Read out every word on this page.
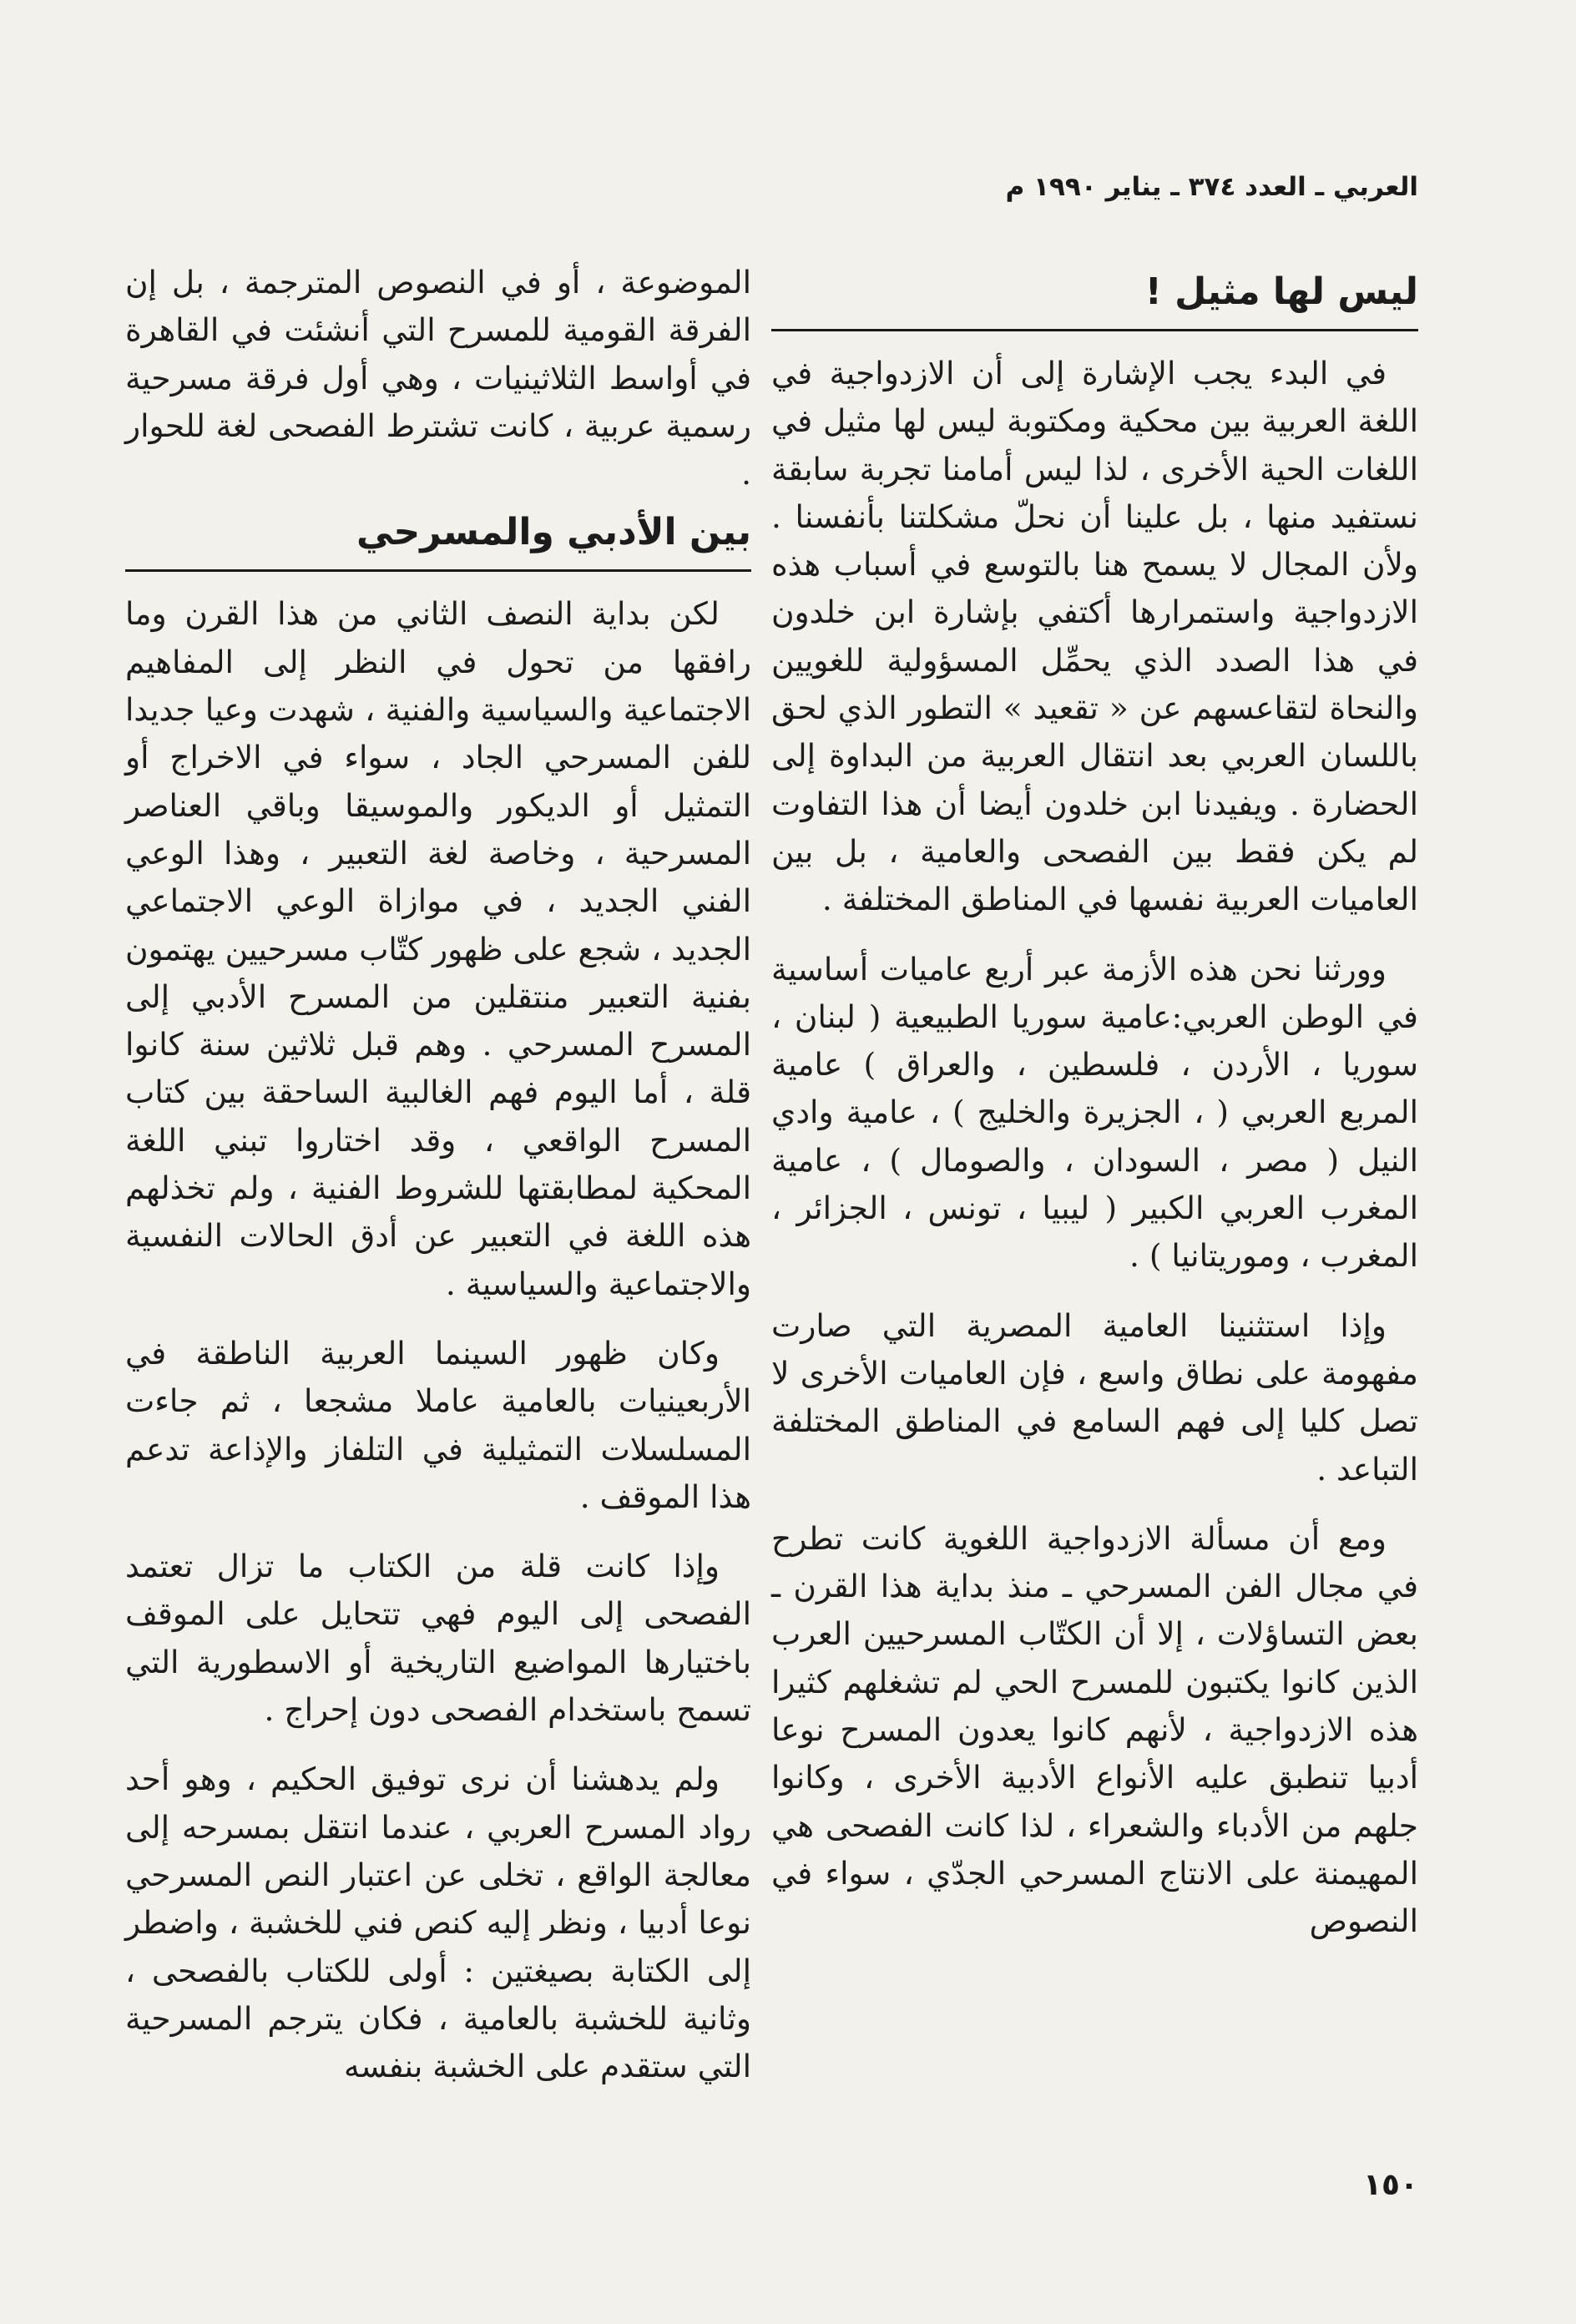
العربي ـ العدد ٣٧٤ ـ يناير ١٩٩٠ م
ليس لها مثيل !

في البدء يجب الإشارة إلى أن الازدواجية في اللغة العربية بين محكية ومكتوبة ليس لها مثيل في اللغات الحية الأخرى ، لذا ليس أمامنا تجربة سابقة نستفيد منها ، بل علينا أن نحلّ مشكلتنا بأنفسنا . ولأن المجال لا يسمح هنا بالتوسع في أسباب هذه الازدواجية واستمرارها أكتفي بإشارة ابن خلدون في هذا الصدد الذي يحمِّل المسؤولية للغويين والنحاة لتقاعسهم عن « تقعيد » التطور الذي لحق باللسان العربي بعد انتقال العربية من البداوة إلى الحضارة . ويفيدنا ابن خلدون أيضا أن هذا التفاوت لم يكن فقط بين الفصحى والعامية ، بل بين العاميات العربية نفسها في المناطق المختلفة .

وورثنا نحن هذه الأزمة عبر أربع عاميات أساسية في الوطن العربي:عامية سوريا الطبيعية ( لبنان ، سوريا ، الأردن ، فلسطين ، والعراق ) عامية المربع العربي ( ، الجزيرة والخليج ) ، عامية وادي النيل ( مصر ، السودان ، والصومال ) ، عامية المغرب العربي الكبير ( ليبيا ، تونس ، الجزائر ، المغرب ، وموريتانيا ) .

وإذا استثنينا العامية المصرية التي صارت مفهومة على نطاق واسع ، فإن العاميات الأخرى لا تصل كليا إلى فهم السامع في المناطق المختلفة التباعد .

ومع أن مسألة الازدواجية اللغوية كانت تطرح في مجال الفن المسرحي ـ منذ بداية هذا القرن ـ بعض التساؤلات ، إلا أن الكتّاب المسرحيين العرب الذين كانوا يكتبون للمسرح الحي لم تشغلهم كثيرا هذه الازدواجية ، لأنهم كانوا يعدون المسرح نوعا أدبيا تنطبق عليه الأنواع الأدبية الأخرى ، وكانوا جلهم من الأدباء والشعراء ، لذا كانت الفصحى هي المهيمنة على الانتاج المسرحي الجدّي ، سواء في النصوص

الموضوعة ، أو في النصوص المترجمة ، بل إن الفرقة القومية للمسرح التي أنشئت في القاهرة في أواسط الثلاثينيات ، وهي أول فرقة مسرحية رسمية عربية ، كانت تشترط الفصحى لغة للحوار .

بين الأدبي والمسرحي

لكن بداية النصف الثاني من هذا القرن وما رافقها من تحول في النظر إلى المفاهيم الاجتماعية والسياسية والفنية ، شهدت وعيا جديدا للفن المسرحي الجاد ، سواء في الاخراج أو التمثيل أو الديكور والموسيقا وباقي العناصر المسرحية ، وخاصة لغة التعبير ، وهذا الوعي الفني الجديد ، في موازاة الوعي الاجتماعي الجديد ، شجع على ظهور كتّاب مسرحيين يهتمون بفنية التعبير منتقلين من المسرح الأدبي إلى المسرح المسرحي . وهم قبل ثلاثين سنة كانوا قلة ، أما اليوم فهم الغالبية الساحقة بين كتاب المسرح الواقعي ، وقد اختاروا تبني اللغة المحكية لمطابقتها للشروط الفنية ، ولم تخذلهم هذه اللغة في التعبير عن أدق الحالات النفسية والاجتماعية والسياسية .

وكان ظهور السينما العربية الناطقة في الأربعينيات بالعامية عاملا مشجعا ، ثم جاءت المسلسلات التمثيلية في التلفاز والإذاعة تدعم هذا الموقف .

وإذا كانت قلة من الكتاب ما تزال تعتمد الفصحى إلى اليوم فهي تتحايل على الموقف باختيارها المواضيع التاريخية أو الاسطورية التي تسمح باستخدام الفصحى دون إحراج .

ولم يدهشنا أن نرى توفيق الحكيم ، وهو أحد رواد المسرح العربي ، عندما انتقل بمسرحه إلى معالجة الواقع ، تخلى عن اعتبار النص المسرحي نوعا أدبيا ، ونظر إليه كنص فني للخشبة ، واضطر إلى الكتابة بصيغتين : أولى للكتاب بالفصحى ، وثانية للخشبة بالعامية ، فكان يترجم المسرحية التي ستقدم على الخشبة بنفسه

١٥٠
